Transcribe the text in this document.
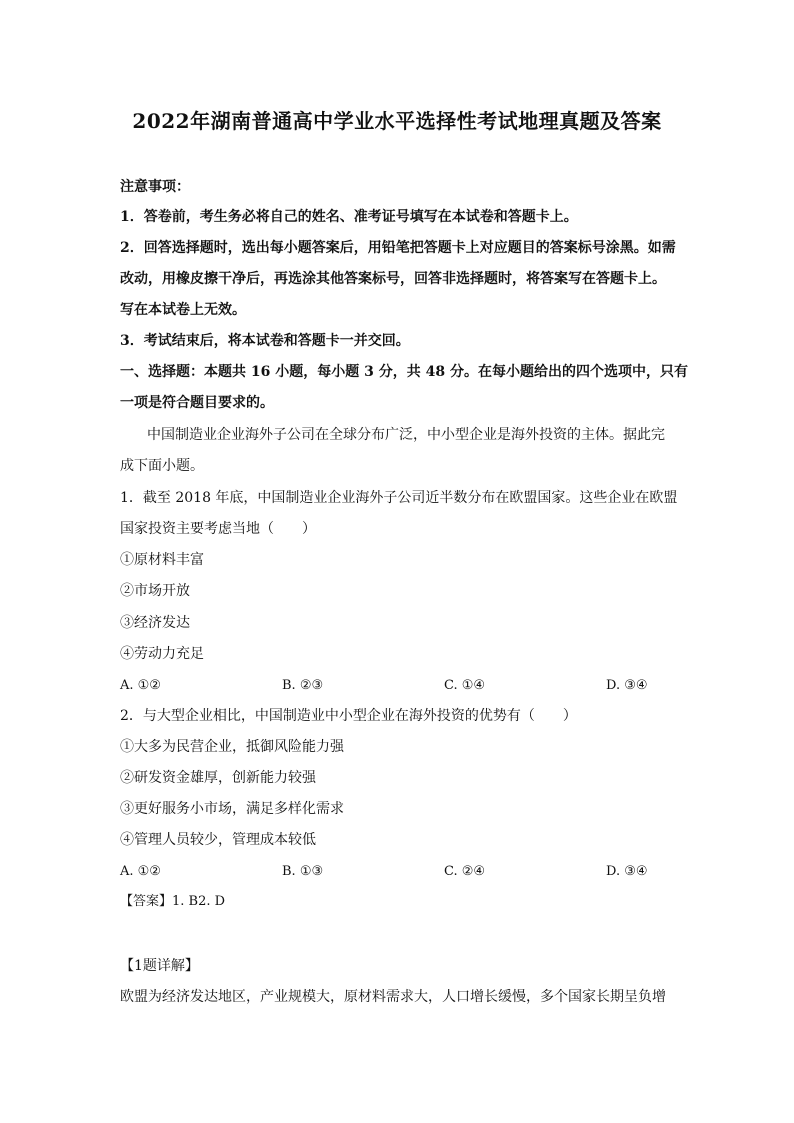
2022年湖南普通高中学业水平选择性考试地理真题及答案
注意事项：
1．答卷前，考生务必将自己的姓名、准考证号填写在本试卷和答题卡上。
2．回答选择题时，选出每小题答案后，用铅笔把答题卡上对应题目的答案标号涂黑。如需
改动，用橡皮擦干净后，再选涂其他答案标号，回答非选择题时，将答案写在答题卡上。
写在本试卷上无效。
3．考试结束后，将本试卷和答题卡一并交回。
一、选择题：本题共 16 小题，每小题 3 分，共 48 分。在每小题给出的四个选项中，只有
一项是符合题目要求的。
中国制造业企业海外子公司在全球分布广泛，中小型企业是海外投资的主体。据此完
成下面小题。
1．截至 2018 年底，中国制造业企业海外子公司近半数分布在欧盟国家。这些企业在欧盟
国家投资主要考虑当地（　　）
①原材料丰富
②市场开放
③经济发达
④劳动力充足
A. ①②	B. ②③	C. ①④	D. ③④
2．与大型企业相比，中国制造业中小型企业在海外投资的优势有（　　）
①大多为民营企业，抵御风险能力强
②研发资金雄厚，创新能力较强
③更好服务小市场，满足多样化需求
④管理人员较少，管理成本较低
A. ①②	B. ①③	C. ②④	D. ③④
【答案】1. B2. D
【1题详解】
欧盟为经济发达地区，产业规模大，原材料需求大，人口增长缓慢，多个国家长期呈负增
